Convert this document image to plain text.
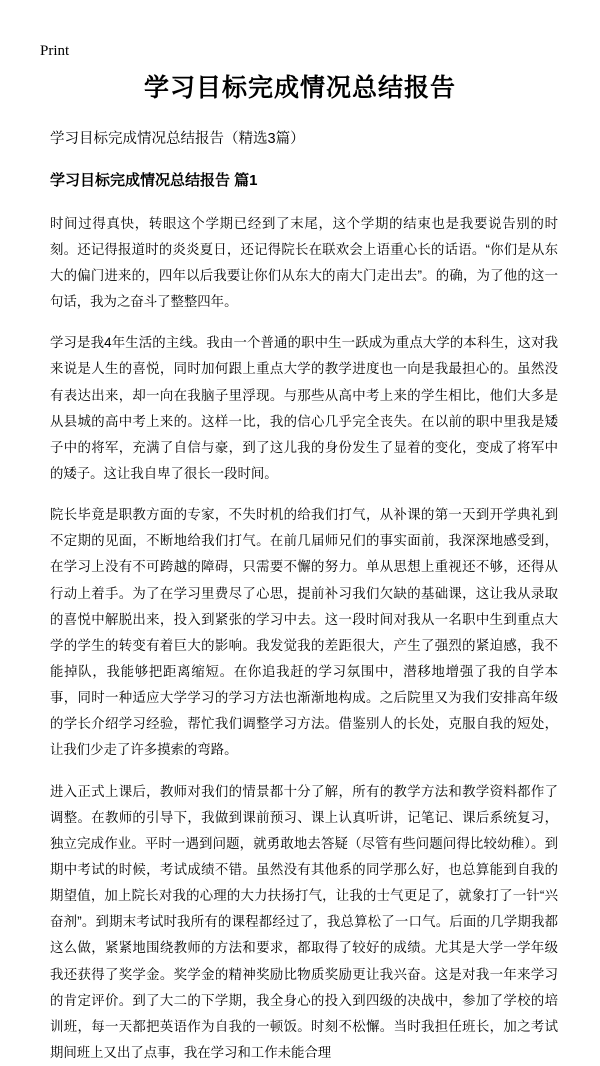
Print
学习目标完成情况总结报告
学习目标完成情况总结报告（精选3篇）
学习目标完成情况总结报告 篇1

时间过得真快，转眼这个学期已经到了末尾，这个学期的结束也是我要说告别的时刻。还记得报道时的炎炎夏日，还记得院长在联欢会上语重心长的话语。“你们是从东大的偏门进来的，四年以后我要让你们从东大的南大门走出去”。的确，为了他的这一句话，我为之奋斗了整整四年。

学习是我4年生活的主线。我由一个普通的职中生一跃成为重点大学的本科生，这对我来说是人生的喜悦，同时加何跟上重点大学的教学进度也一向是我最担心的。虽然没有表达出来，却一向在我脑子里浮现。与那些从高中考上来的学生相比，他们大多是从县城的高中考上来的。这样一比，我的信心几乎完全丧失。在以前的职中里我是矮子中的将军，充满了自信与豪，到了这儿我的身份发生了显着的变化，变成了将军中的矮子。这让我自卑了很长一段时间。

院长毕竟是职教方面的专家，不失时机的给我们打气，从补课的第一天到开学典礼到不定期的见面，不断地给我们打气。在前几届师兄们的事实面前，我深深地感受到，在学习上没有不可跨越的障碍，只需要不懈的努力。单从思想上重视还不够，还得从行动上着手。为了在学习里费尽了心思，提前补习我们欠缺的基础课，这让我从录取的喜悦中解脱出来，投入到紧张的学习中去。这一段时间对我从一名职中生到重点大学的学生的转变有着巨大的影响。我发觉我的差距很大，产生了强烈的紧迫感，我不能掉队，我能够把距离缩短。在你追我赶的学习氛围中，潜移地增强了我的自学本事，同时一种适应大学学习的学习方法也渐渐地构成。之后院里又为我们安排高年级的学长介绍学习经验，帮忙我们调整学习方法。借鉴别人的长处，克服自我的短处，让我们少走了许多摸索的弯路。

进入正式上课后，教师对我们的情景都十分了解，所有的教学方法和教学资料都作了调整。在教师的引导下，我做到课前预习、课上认真听讲，记笔记、课后系统复习，独立完成作业。平时一遇到问题，就勇敢地去答疑（尽管有些问题问得比较幼稚）。到期中考试的时候，考试成绩不错。虽然没有其他系的同学那么好，也总算能到自我的期望值，加上院长对我的心理的大力扶扬打气，让我的士气更足了，就象打了一针“兴奋剂”。到期末考试时我所有的课程都经过了，我总算松了一口气。后面的几学期我都这么做，紧紧地围绕教师的方法和要求，都取得了较好的成绩。尤其是大学一学年级我还获得了奖学金。奖学金的精神奖励比物质奖励更让我兴奋。这是对我一年来学习的肯定评价。到了大二的下学期，我全身心的投入到四级的决战中，参加了学校的培训班，每一天都把英语作为自我的一顿饭。时刻不松懈。当时我担任班长，加之考试期间班上又出了点事，我在学习和工作未能合理
